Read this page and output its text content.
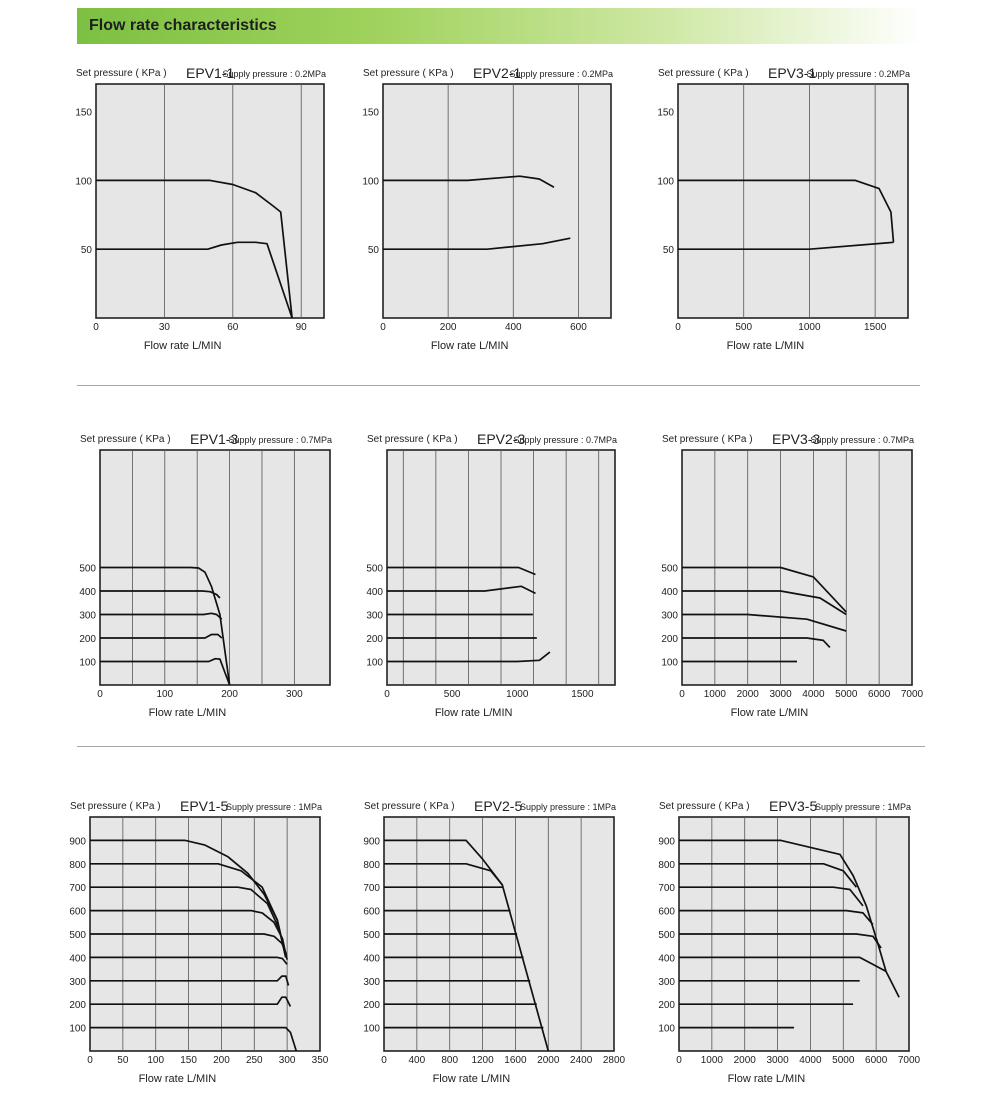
Flow rate characteristics
0	30	60	90
50
100
150
Set pressure ( KPa ) EPV1-1
Supply pressure : 0.2MPa
Flow rate L/MIN
0	200	400	600
50
100
150
Set pressure ( KPa ) EPV2-1
Supply pressure : 0.2MPa
Flow rate L/MIN
0	500	1000	1500
50
100
150
Set pressure ( KPa ) EPV3-1
Supply pressure : 0.2MPa
Flow rate L/MIN
0	100	200	300
100
200
300
400
500
Set pressure ( KPa ) EPV1-3
Supply pressure : 0.7MPa
Flow rate L/MIN
0	500	1000	1500
100
200
300
400
500
Set pressure ( KPa ) EPV2-3
Supply pressure : 0.7MPa
Flow rate L/MIN
0 1000 2000 3000 4000 5000 6000 7000
100
200
300
400
500
Set pressure ( KPa ) EPV3-3
Supply pressure : 0.7MPa
Flow rate L/MIN
0 50 100 150 200 250 300 350
100
200
300
400
500
600
700
800
900
Set pressure ( KPa ) EPV1-5
Supply pressure : 1MPa
Flow rate L/MIN
0 400 800 1200 1600 2000 2400 2800
100
200
300
400
500
600
700
800
900
Set pressure ( KPa ) EPV2-5
Supply pressure : 1MPa
Flow rate L/MIN
0 1000 2000 3000 4000 5000 6000 7000
100
200
300
400
500
600
700
800
900
Set pressure ( KPa ) EPV3-5
Supply pressure : 1MPa
Flow rate L/MIN
